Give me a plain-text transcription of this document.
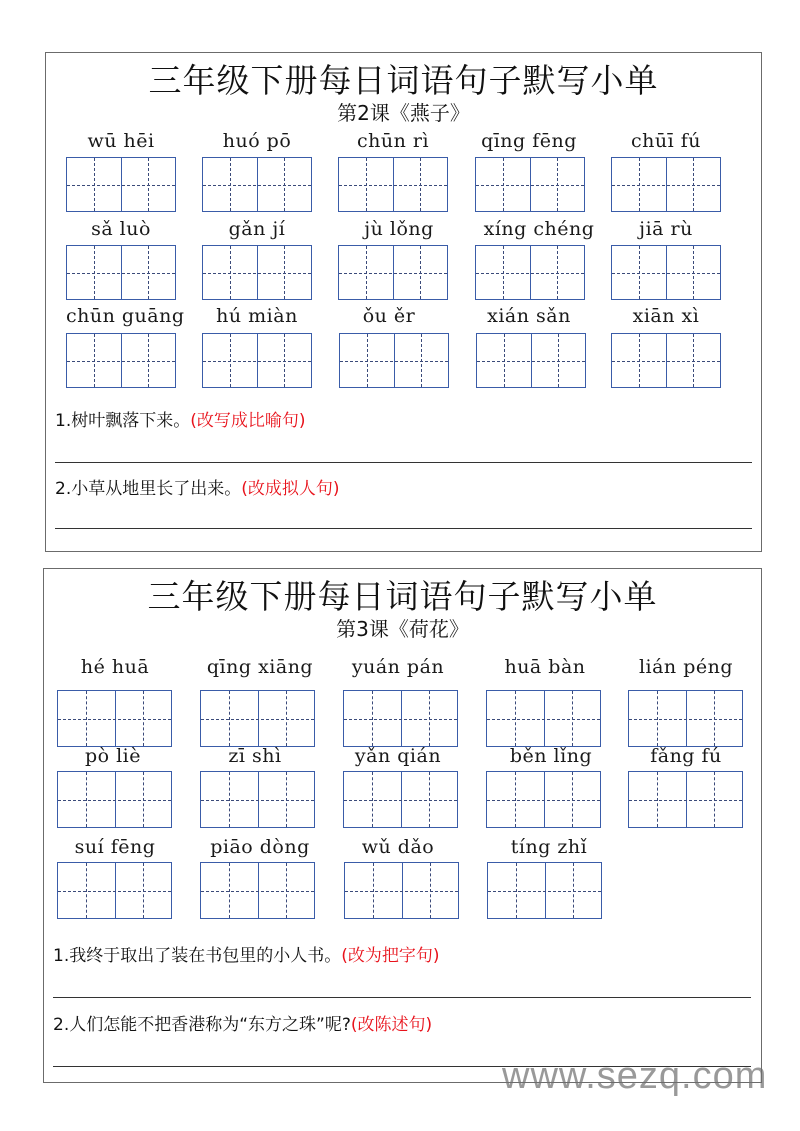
三年级下册每日词语句子默写小单
第2课《燕子》
wū hēi	huó pō	chūn rì	qīng fēng	chūī fú
sǎ luò	gǎn jí	jù lǒng	xíng chéng	jiā rù
chūn guāng	hú miàn	ǒu ěr	xián sǎn	xiān xì
1.树叶飘落下来。(改写成比喻句)
2.小草从地里长了出来。(改成拟人句)
三年级下册每日词语句子默写小单
第3课《荷花》
hé huā	qīng xiāng	yuán pán	huā bàn	lián péng
pò liè	zī shì	yǎn qián	běn lǐng	fǎng fú
suí fēng	piāo dòng	wǔ dǎo	tíng zhǐ
1.我终于取出了装在书包里的小人书。(改为把字句)
2.人们怎能不把香港称为“东方之珠”呢?(改陈述句)
www.sezq.com
